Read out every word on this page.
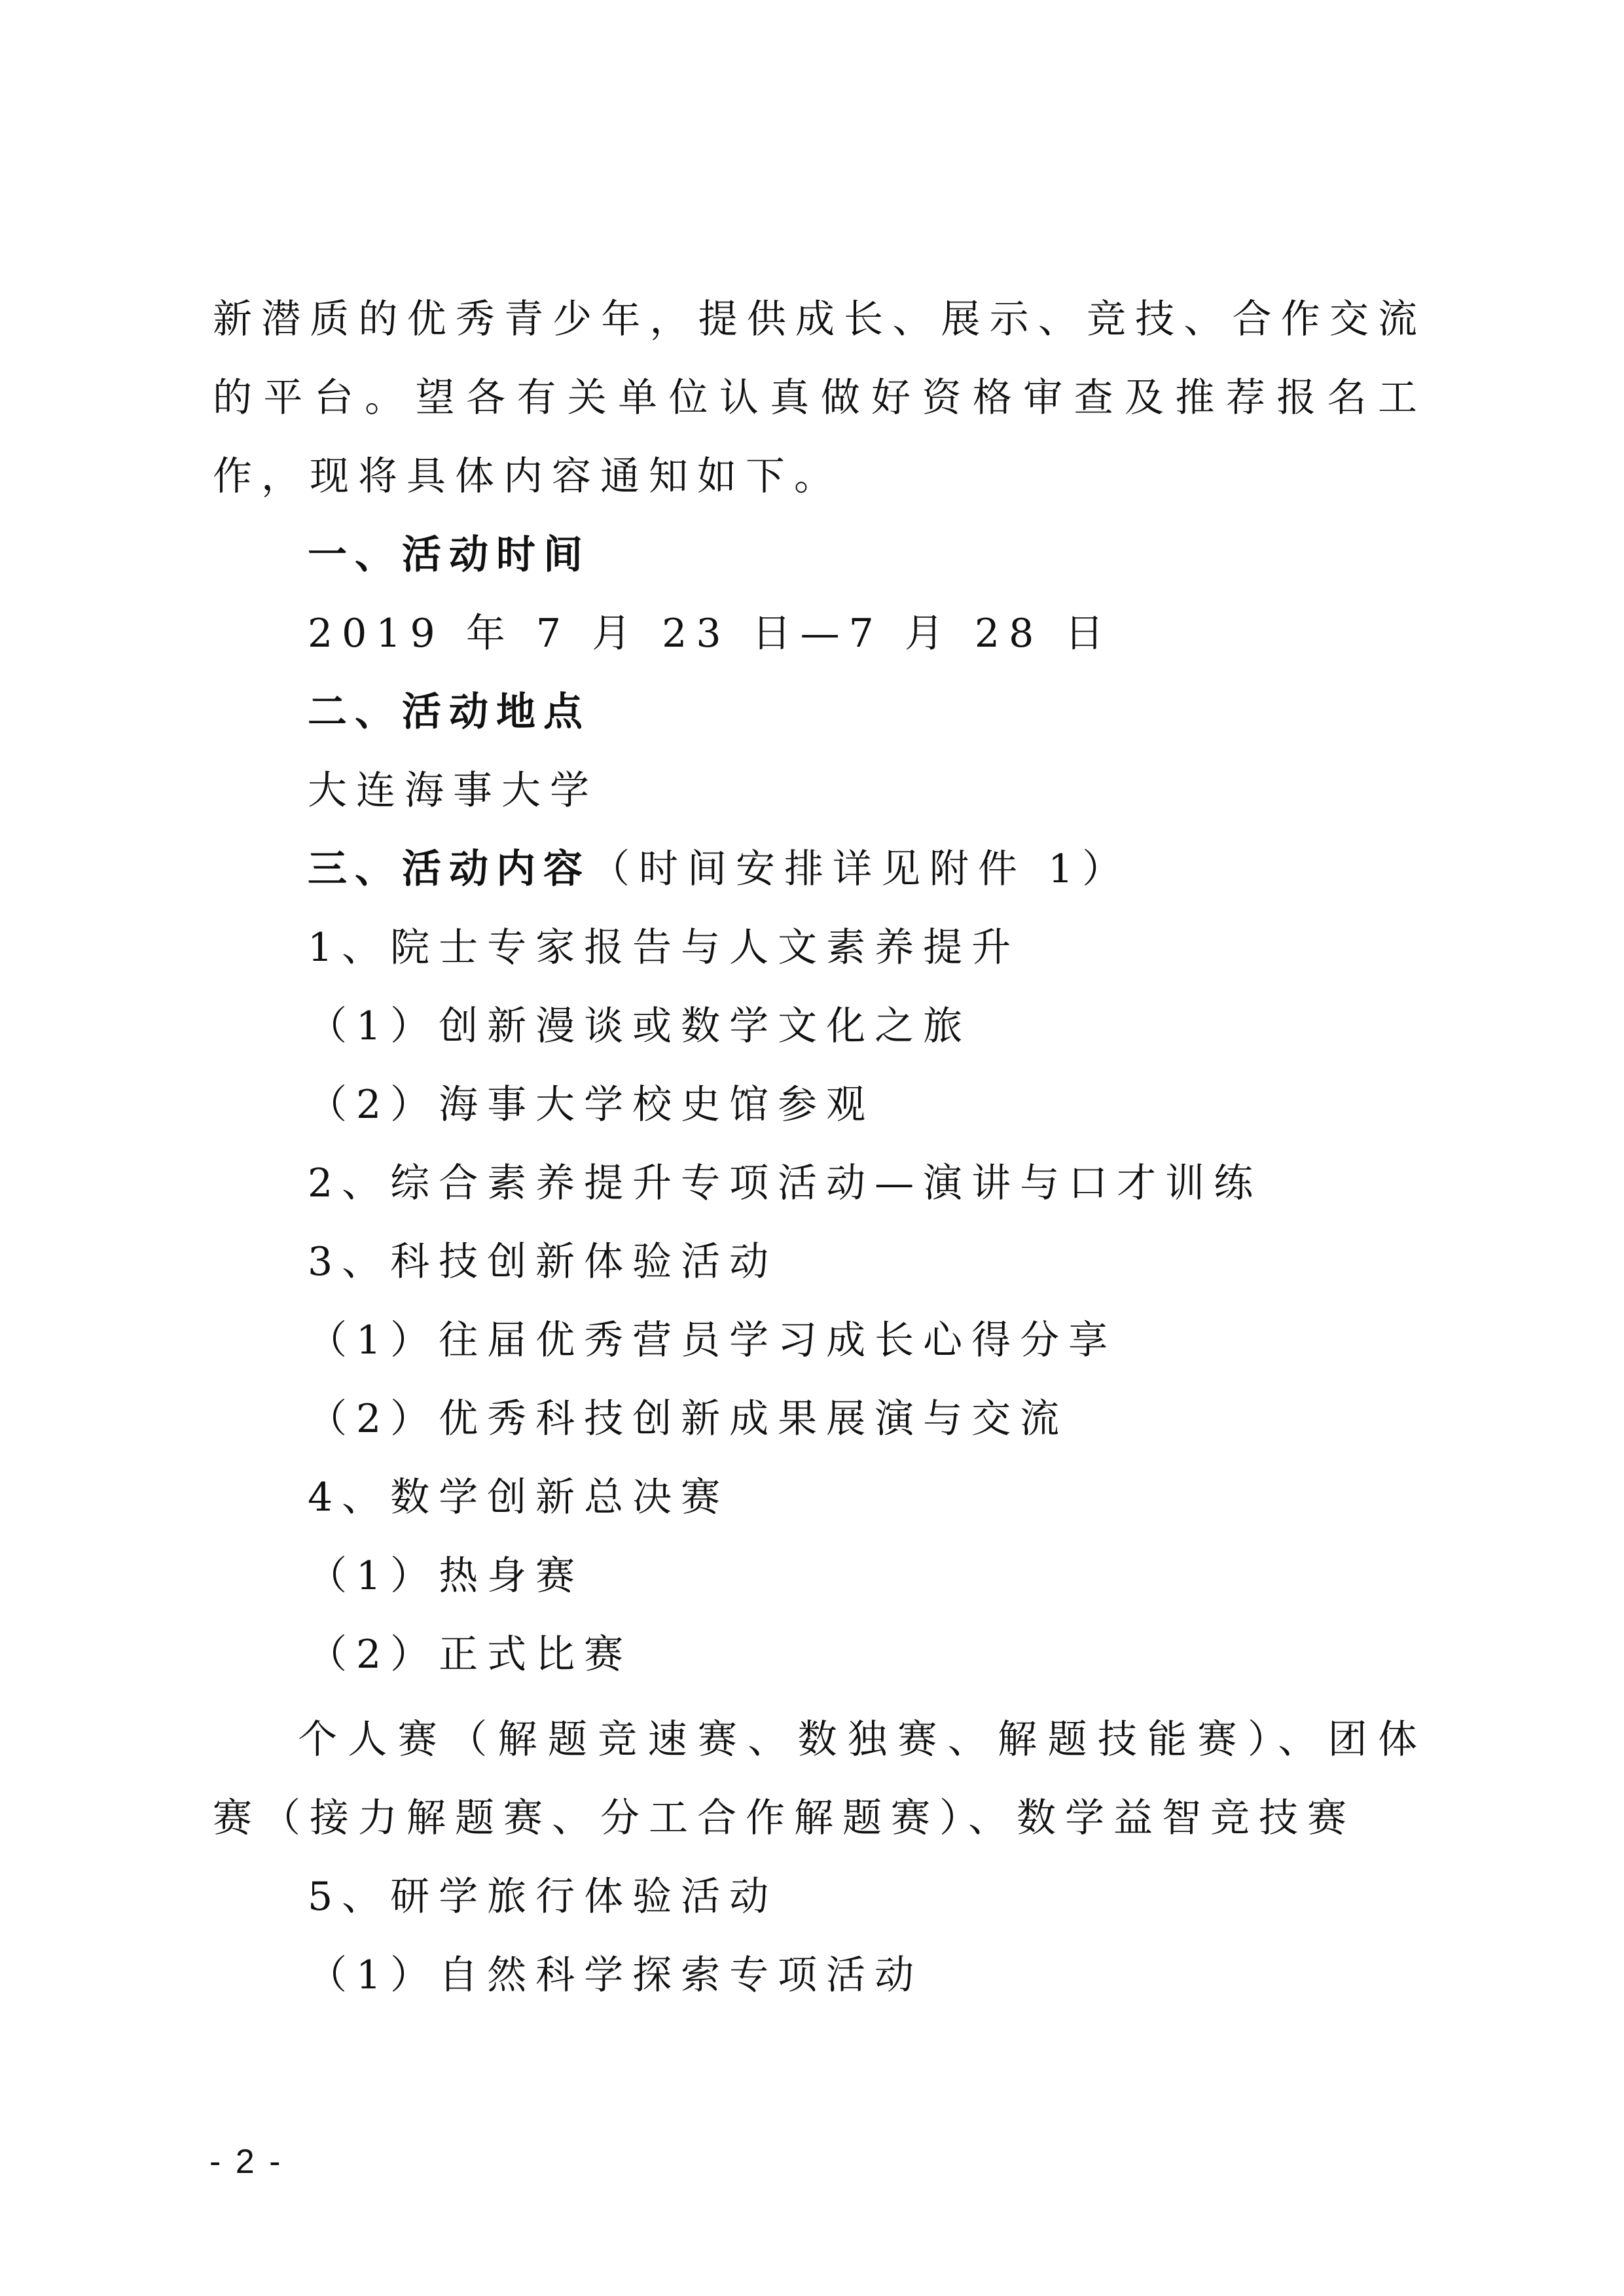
新潜质的优秀青少年，提供成长、展示、竞技、合作交流
的平台。望各有关单位认真做好资格审查及推荐报名工
作，现将具体内容通知如下。
一、活动时间
2019 年 7 月 23 日—7 月 28 日
二、活动地点
大连海事大学
三、活动内容（时间安排详见附件 1）
1、院士专家报告与人文素养提升
（1）创新漫谈或数学文化之旅
（2）海事大学校史馆参观
2、综合素养提升专项活动—演讲与口才训练
3、科技创新体验活动
（1）往届优秀营员学习成长心得分享
（2）优秀科技创新成果展演与交流
4、数学创新总决赛
（1）热身赛
（2）正式比赛
个人赛（解题竞速赛、数独赛、解题技能赛）、团体
赛（接力解题赛、分工合作解题赛）、数学益智竞技赛
5、研学旅行体验活动
（1）自然科学探索专项活动
- 2 -
